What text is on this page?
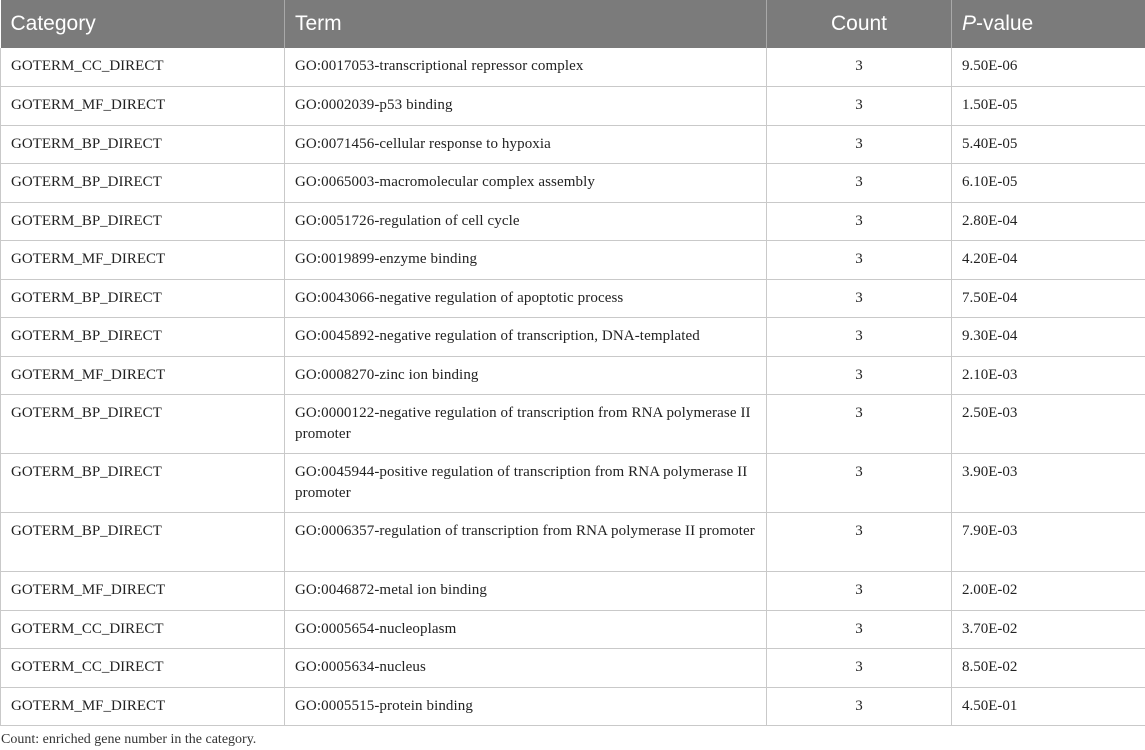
Category	Term	Count	P-value
GOTERM_CC_DIRECT	GO:0017053-transcriptional repressor complex	3	9.50E-06
GOTERM_MF_DIRECT	GO:0002039-p53 binding	3	1.50E-05
GOTERM_BP_DIRECT	GO:0071456-cellular response to hypoxia	3	5.40E-05
GOTERM_BP_DIRECT	GO:0065003-macromolecular complex assembly	3	6.10E-05
GOTERM_BP_DIRECT	GO:0051726-regulation of cell cycle	3	2.80E-04
GOTERM_MF_DIRECT	GO:0019899-enzyme binding	3	4.20E-04
GOTERM_BP_DIRECT	GO:0043066-negative regulation of apoptotic process	3	7.50E-04
GOTERM_BP_DIRECT	GO:0045892-negative regulation of transcription, DNA-templated	3	9.30E-04
GOTERM_MF_DIRECT	GO:0008270-zinc ion binding	3	2.10E-03
GOTERM_BP_DIRECT	GO:0000122-negative regulation of transcription from RNA polymerase II promoter	3	2.50E-03
GOTERM_BP_DIRECT	GO:0045944-positive regulation of transcription from RNA polymerase II promoter	3	3.90E-03
GOTERM_BP_DIRECT	GO:0006357-regulation of transcription from RNA polymerase II promoter	3	7.90E-03
GOTERM_MF_DIRECT	GO:0046872-metal ion binding	3	2.00E-02
GOTERM_CC_DIRECT	GO:0005654-nucleoplasm	3	3.70E-02
GOTERM_CC_DIRECT	GO:0005634-nucleus	3	8.50E-02
GOTERM_MF_DIRECT	GO:0005515-protein binding	3	4.50E-01
Count: enriched gene number in the category.
